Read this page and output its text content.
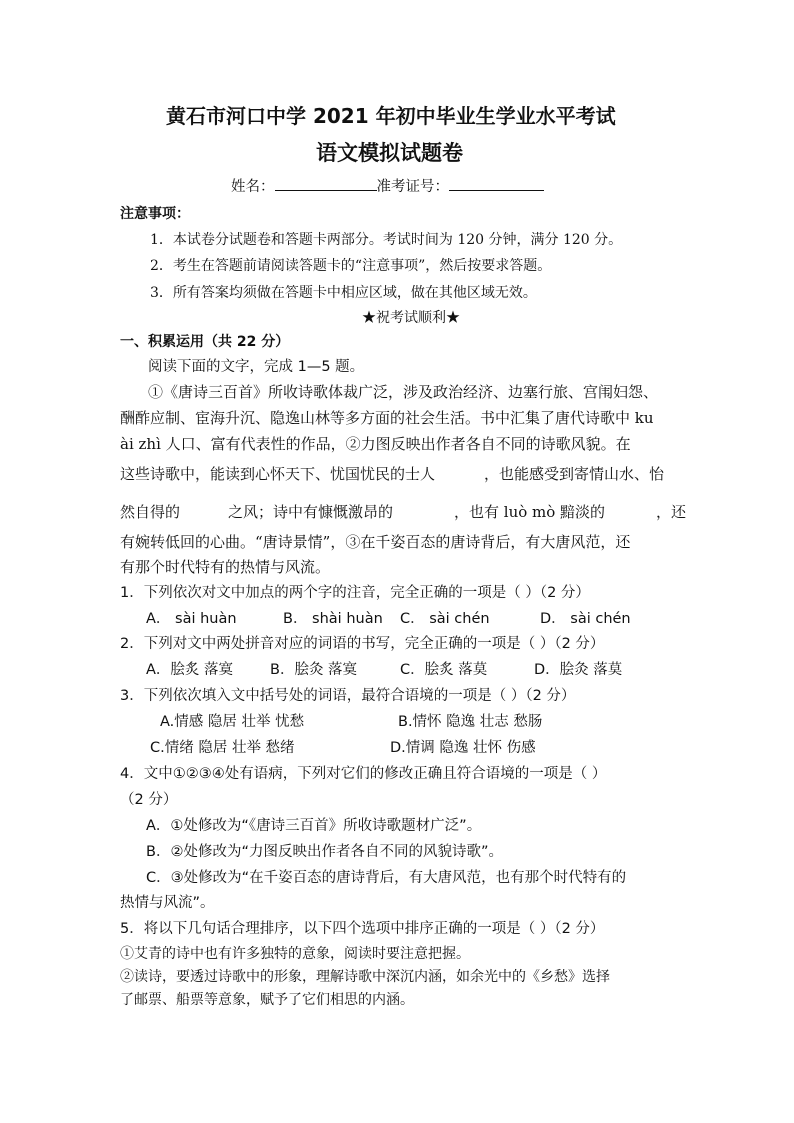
黄石市河口中学 2021 年初中毕业生学业水平考试
语文模拟试题卷
姓名：	准考证号：
注意事项：
1．本试卷分试题卷和答题卡两部分。考试时间为 120 分钟，满分 120 分。
2．考生在答题前请阅读答题卡的“注意事项”，然后按要求答题。
3．所有答案均须做在答题卡中相应区域，做在其他区域无效。
★祝考试顺利★
一、积累运用（共 22 分）
阅读下面的文字，完成 1—5 题。
①《唐诗三百首》所收诗歌体裁广泛，涉及政治经济、边塞行旅、宫闱妇怨、
酬酢应制、宦海升沉、隐逸山林等多方面的社会生活。书中汇集了唐代诗歌中 ku
ài zhì 人口、富有代表性的作品，②力图反映出作者各自不同的诗歌风貌。在
这些诗歌中，能读到心怀天下、忧国忧民的士人	，也能感受到寄情山水、怡
然自得的	之风；诗中有慷慨激昂的	，也有 luò mò 黯淡的	，还
有婉转低回的心曲。“唐诗景情”，③在千姿百态的唐诗背后，有大唐风范，还
有那个时代特有的热情与风流。
1．下列依次对文中加点的两个字的注音，完全正确的一项是（ ）（2 分）
A． sài huàn	B． shài huàn C． sài chén	D． sài chén
2．下列对文中两处拼音对应的词语的书写，完全正确的一项是（ ）（2 分）
A．脍炙 落寞	B．脍灸 落寞	C．脍炙 落莫	D．脍灸 落莫
3．下列依次填入文中括号处的词语，最符合语境的一项是（ ）（2 分）
A.情感 隐居 壮举 忧愁	B.情怀 隐逸 壮志 愁肠
C.情绪 隐居 壮举 愁绪	D.情调 隐逸 壮怀 伤感
4．文中①②③④处有语病，下列对它们的修改正确且符合语境的一项是（ ）
（2 分）
A．①处修改为“《唐诗三百首》所收诗歌题材广泛”。
B．②处修改为“力图反映出作者各自不同的风貌诗歌”。
C．③处修改为“在千姿百态的唐诗背后，有大唐风范，也有那个时代特有的
热情与风流”。
5．将以下几句话合理排序，以下四个选项中排序正确的一项是（ ）（2 分）
①艾青的诗中也有许多独特的意象，阅读时要注意把握。
②读诗，要透过诗歌中的形象，理解诗歌中深沉内涵，如余光中的《乡愁》选择
了邮票、船票等意象，赋予了它们相思的内涵。
